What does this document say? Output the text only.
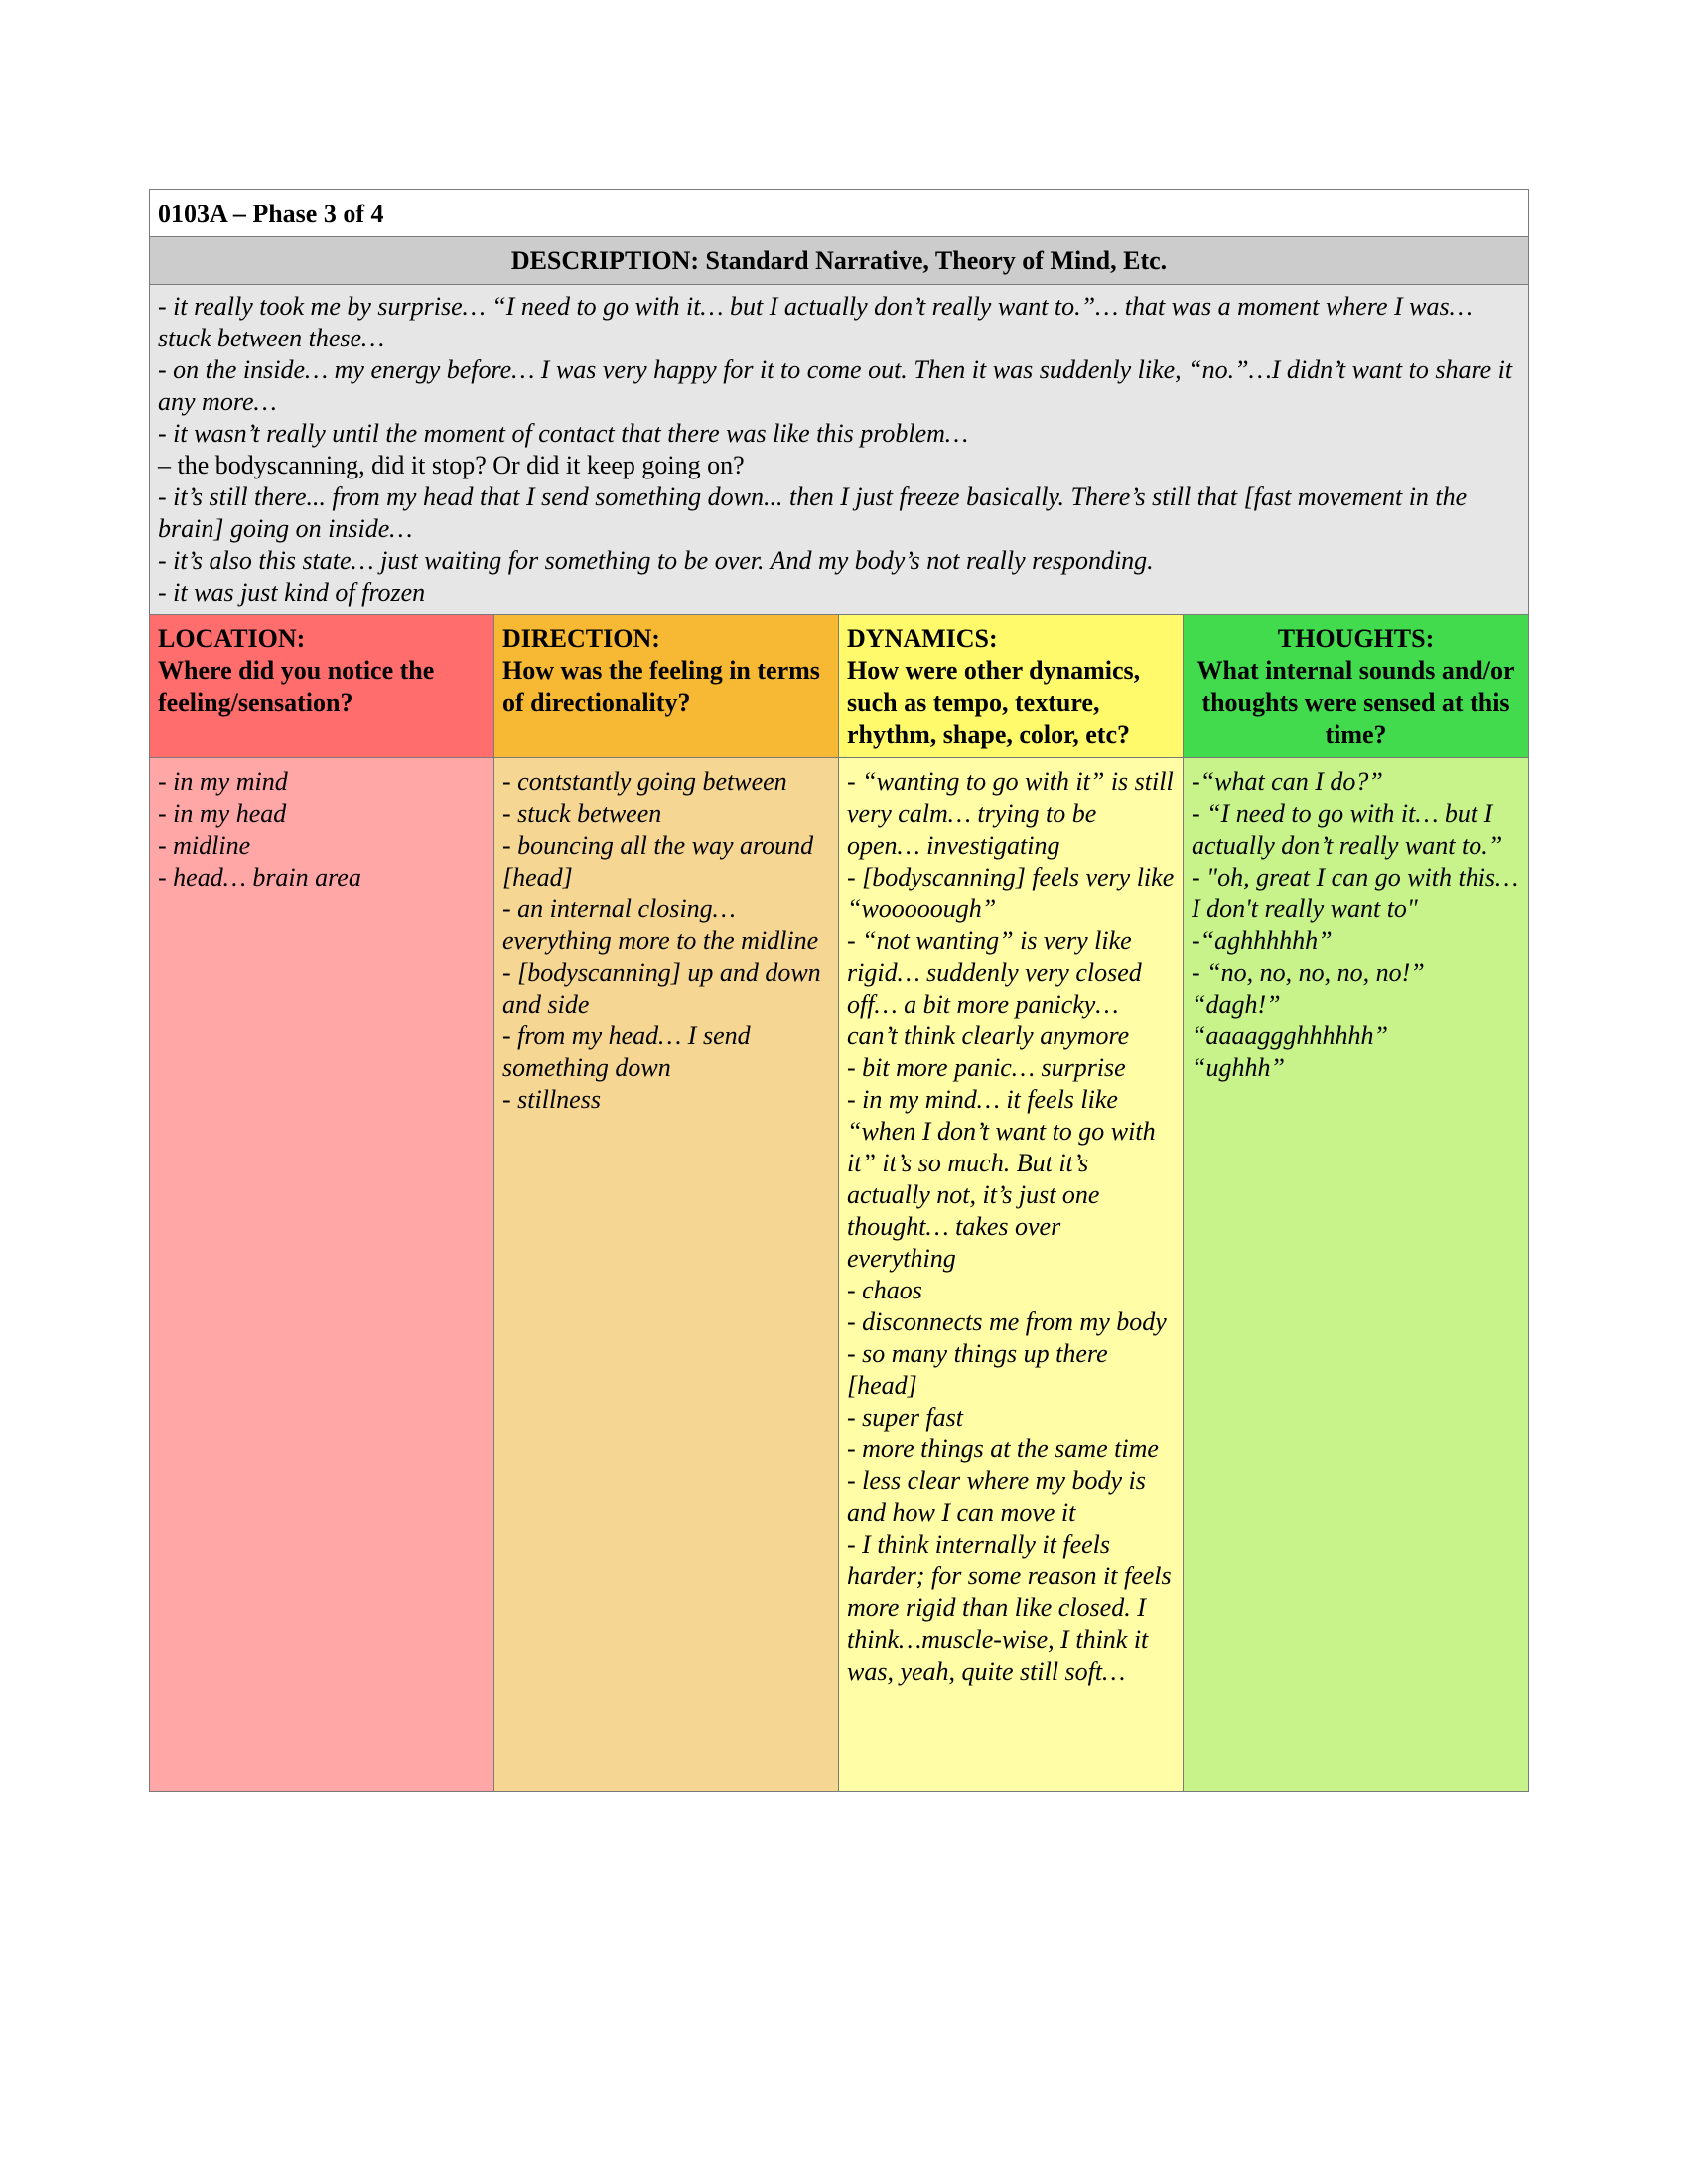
0103A – Phase 3 of 4
DESCRIPTION: Standard Narrative, Theory of Mind, Etc.
- it really took me by surprise… “I need to go with it… but I actually don’t really want to.”… that was a moment where I was… stuck between these…
- on the inside… my energy before… I was very happy for it to come out. Then it was suddenly like, “no.”…I didn’t want to share it any more…
- it wasn’t really until the moment of contact that there was like this problem…
– the bodyscanning, did it stop? Or did it keep going on?
- it’s still there... from my head that I send something down... then I just freeze basically. There’s still that [fast movement in the brain] going on inside…
- it’s also this state… just waiting for something to be over. And my body’s not really responding.
- it was just kind of frozen
LOCATION:
Where did you notice the feeling/sensation?
- in my mind
- in my head
- midline
- head… brain area
DIRECTION:
How was the feeling in terms of directionality?
- contstantly going between
- stuck between
- bouncing all the way around [head]
- an internal closing… everything more to the midline
- [bodyscanning] up and down and side
- from my head… I send something down
- stillness
DYNAMICS:
How were other dynamics, such as tempo, texture, rhythm, shape, color, etc?
- “wanting to go with it” is still very calm… trying to be open… investigating
- [bodyscanning] feels very like “wooooough”
- “not wanting” is very like rigid… suddenly very closed off… a bit more panicky… can’t think clearly anymore
- bit more panic… surprise
- in my mind… it feels like “when I don’t want to go with it” it’s so much. But it’s actually not, it’s just one thought… takes over everything
- chaos
- disconnects me from my body
- so many things up there [head]
- super fast
- more things at the same time
- less clear where my body is and how I can move it
- I think internally it feels harder; for some reason it feels more rigid than like closed. I think…muscle-wise, I think it was, yeah, quite still soft…
THOUGHTS:
What internal sounds and/or thoughts were sensed at this time?
-“what can I do?”
- “I need to go with it… but I actually don’t really want to.”
- "oh, great I can go with this… I don't really want to"
-“aghhhhhh”
- “no, no, no, no, no!”
“dagh!”
“aaaaggghhhhhh”
“ughhh”
